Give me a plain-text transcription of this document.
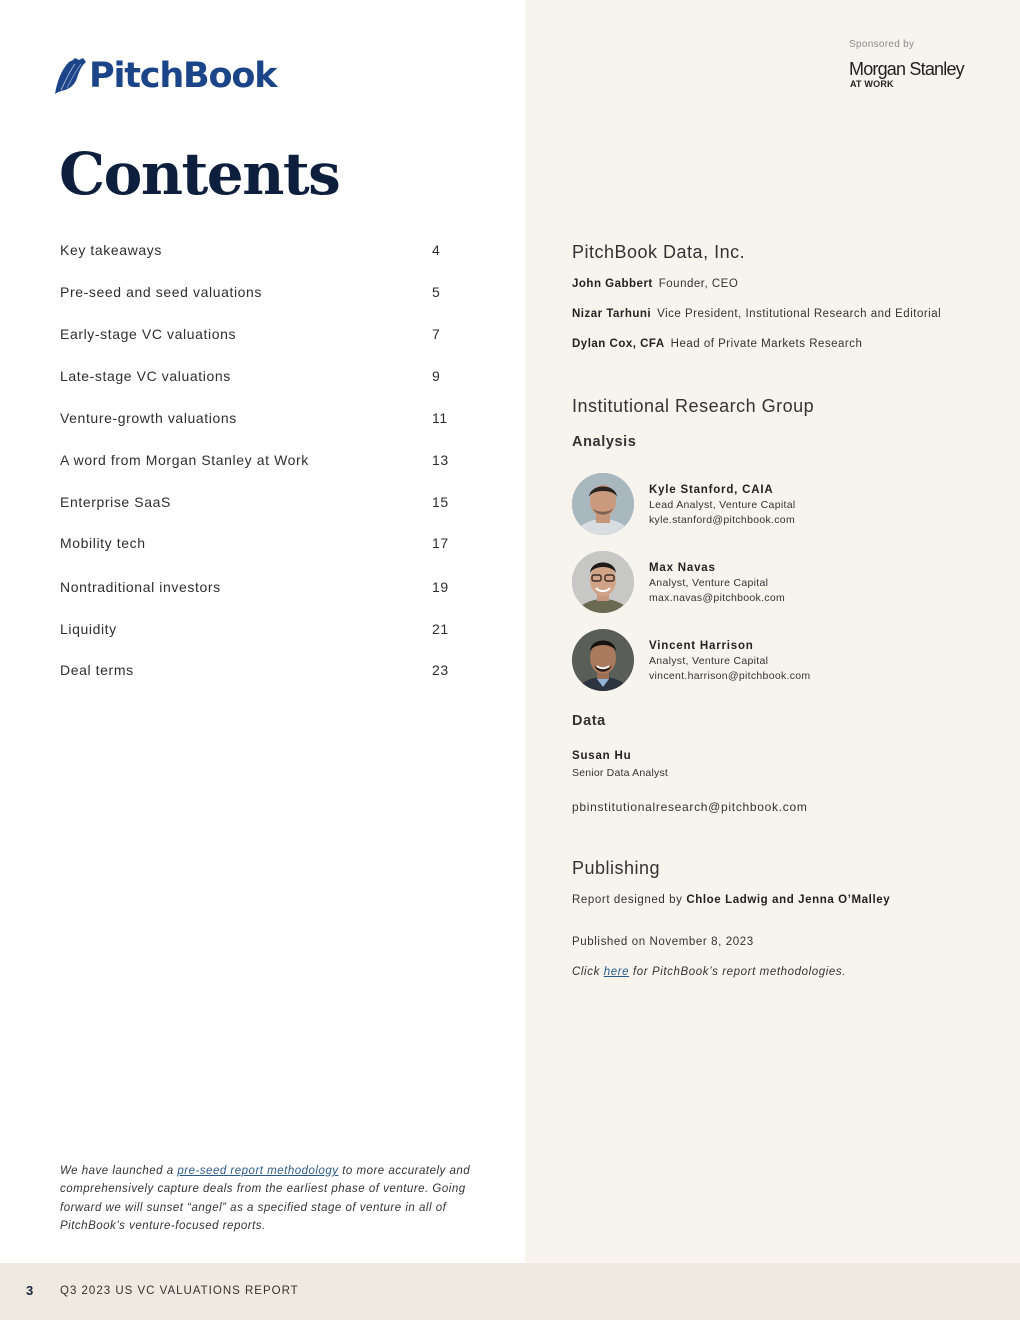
PitchBook
Contents
Key takeaways	4
Pre-seed and seed valuations	5
Early-stage VC valuations	7
Late-stage VC valuations	9
Venture-growth valuations	11
A word from Morgan Stanley at Work	13
Enterprise SaaS	15
Mobility tech	17
Nontraditional investors	19
Liquidity	21
Deal terms	23

We have launched a pre-seed report methodology to more accurately and comprehensively capture deals from the earliest phase of venture. Going forward we will sunset “angel” as a specified stage of venture in all of PitchBook’s venture-focused reports.

Sponsored by
Morgan Stanley
AT WORK
PitchBook Data, Inc.
John Gabbert Founder, CEO
Nizar Tarhuni Vice President, Institutional Research and Editorial
Dylan Cox, CFA Head of Private Markets Research
Institutional Research Group
Analysis
Kyle Stanford, CAIA
Lead Analyst, Venture Capital
kyle.stanford@pitchbook.com
Max Navas
Analyst, Venture Capital
max.navas@pitchbook.com
Vincent Harrison
Analyst, Venture Capital
vincent.harrison@pitchbook.com
Data
Susan Hu
Senior Data Analyst
pbinstitutionalresearch@pitchbook.com
Publishing
Report designed by Chloe Ladwig and Jenna O’Malley
Published on November 8, 2023
Click here for PitchBook’s report methodologies.
3 Q3 2023 US VC VALUATIONS REPORT
